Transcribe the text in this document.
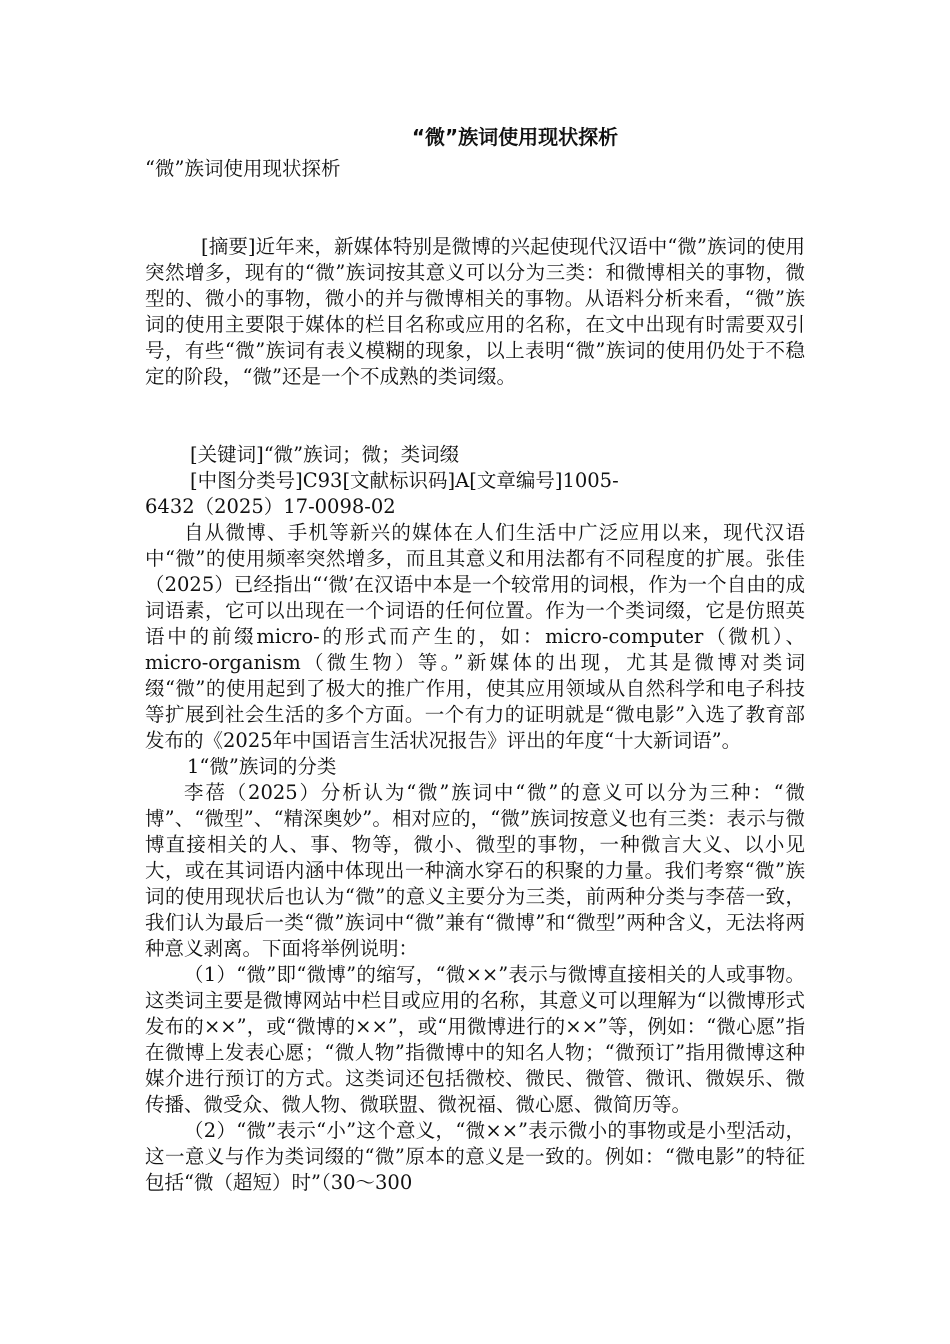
“微”族词使用现状探析

“微”族词使用现状探析

[摘要]近年来，新媒体特别是微博的兴起使现代汉语中“微”族词的使用突然增多，现有的“微”族词按其意义可以分为三类：和微博相关的事物，微型的、微小的事物，微小的并与微博相关的事物。从语料分析来看，“微”族词的使用主要限于媒体的栏目名称或应用的名称，在文中出现有时需要双引号，有些“微”族词有表义模糊的现象，以上表明“微”族词的使用仍处于不稳定的阶段，“微”还是一个不成熟的类词缀。

[关键词]“微”族词；微；类词缀

[中图分类号]C93[文献标识码]A[文章编号]1005-

6432（2025）17-0098-02

自从微博、手机等新兴的媒体在人们生活中广泛应用以来，现代汉语中“微”的使用频率突然增多，而且其意义和用法都有不同程度的扩展。张佳（2025）已经指出“‘微’在汉语中本是一个较常用的词根，作为一个自由的成词语素，它可以出现在一个词语的任何位置。作为一个类词缀，它是仿照英语中的前缀micro-的形式而产生的，如：micro-computer（微机）、micro-organism（微生物）等。”新媒体的出现，尤其是微博对类词缀“微”的使用起到了极大的推广作用，使其应用领域从自然科学和电子科技等扩展到社会生活的多个方面。一个有力的证明就是“微电影”入选了教育部发布的《2025年中国语言生活状况报告》评出的年度“十大新词语”。

1“微”族词的分类

李蓓（2025）分析认为“微”族词中“微”的意义可以分为三种：“微博”、“微型”、“精深奥妙”。相对应的，“微”族词按意义也有三类：表示与微博直接相关的人、事、物等，微小、微型的事物，一种微言大义、以小见大，或在其词语内涵中体现出一种滴水穿石的积聚的力量。我们考察“微”族词的使用现状后也认为“微”的意义主要分为三类，前两种分类与李蓓一致，我们认为最后一类“微”族词中“微”兼有“微博”和“微型”两种含义，无法将两种意义剥离。下面将举例说明：

（1）“微”即“微博”的缩写，“微××”表示与微博直接相关的人或事物。这类词主要是微博网站中栏目或应用的名称，其意义可以理解为“以微博形式发布的××”，或“微博的××”，或“用微博进行的××”等，例如：“微心愿”指在微博上发表心愿；“微人物”指微博中的知名人物；“微预订”指用微博这种媒介进行预订的方式。这类词还包括微校、微民、微管、微讯、微娱乐、微传播、微受众、微人物、微联盟、微祝福、微心愿、微简历等。

（2）“微”表示“小”这个意义，“微××”表示微小的事物或是小型活动，这一意义与作为类词缀的“微”原本的意义是一致的。例如：“微电影”的特征包括“微（超短）时”（30～300
